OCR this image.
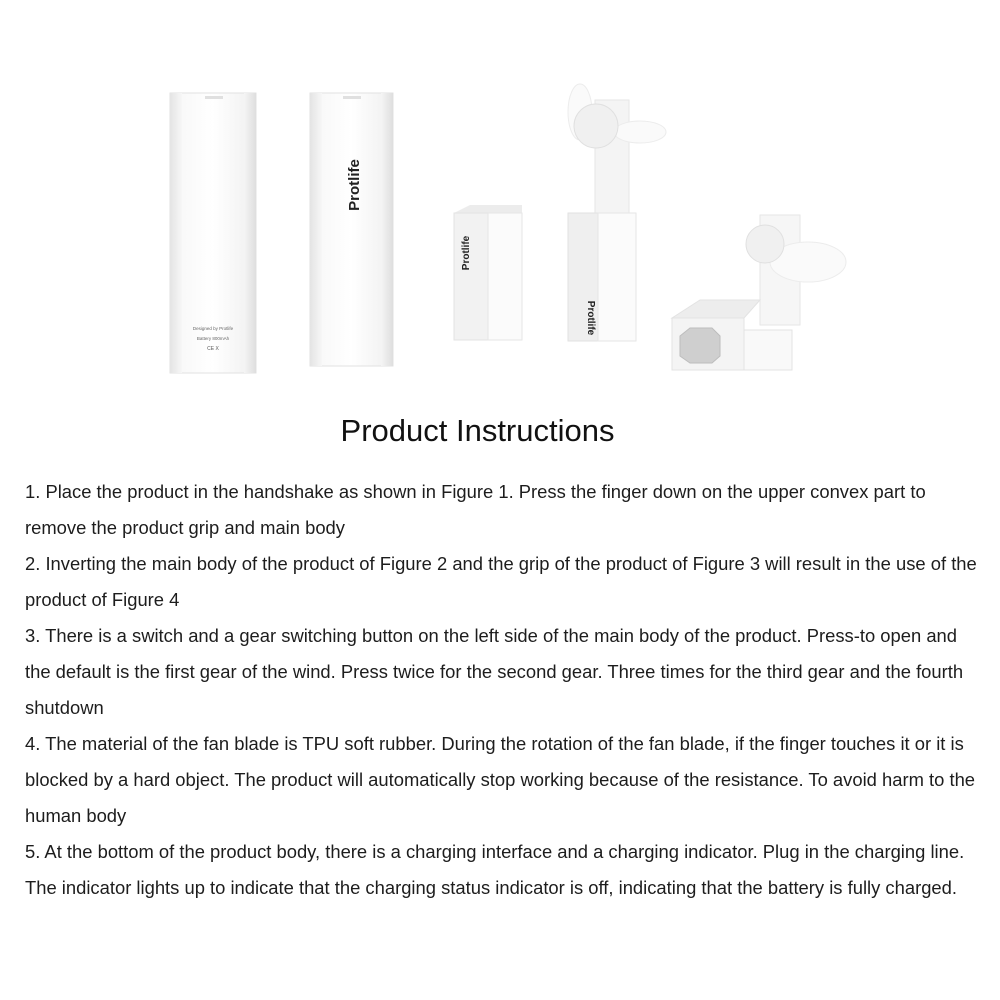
Designed by Protlife
Battery 800mAh
CE X
Protlife
Protlife
Protlife
Product Instructions
1. Place the product in the handshake as shown in Figure 1. Press the finger down on the upper convex part to remove the product grip and main body
2. Inverting the main body of the product of Figure 2 and the grip of the product of Figure 3 will result in the use of the product of Figure 4
3. There is a switch and a gear switching button on the left side of the main body of the product. Press-to open and the default is the first gear of the wind. Press twice for the second gear. Three times for the third gear and the fourth shutdown
4. The material of the fan blade is TPU soft rubber. During the rotation of the fan blade, if the finger touches it or it is blocked by a hard object. The product will automatically stop working because of the resistance. To avoid harm to the human body
5. At the bottom of the product body, there is a charging interface and a charging indicator. Plug in the charging line. The indicator lights up to indicate that the charging status indicator is off, indicating that the battery is fully charged.
